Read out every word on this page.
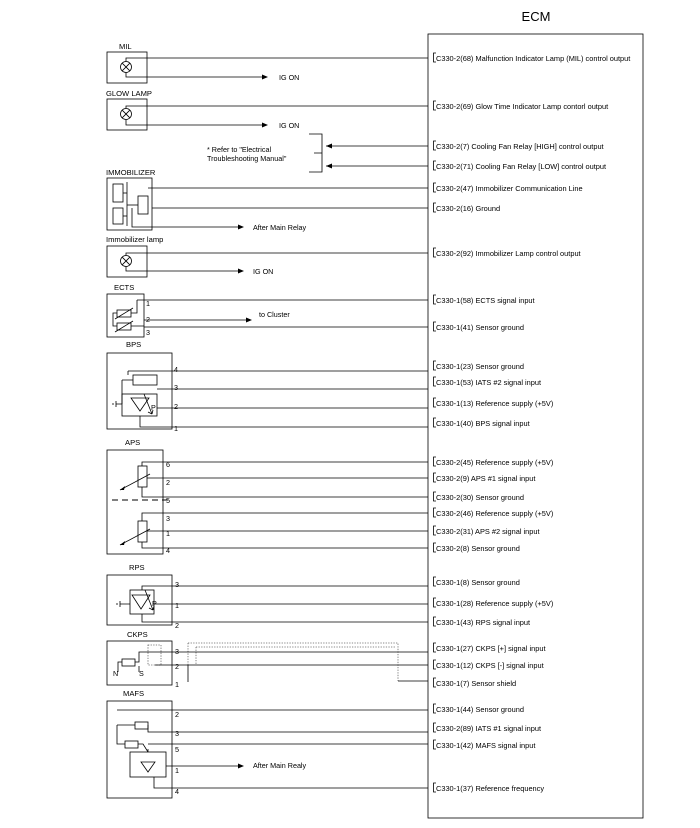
ECM
C330-2(68) Malfunction Indicator Lamp (MIL) control output
C330-2(69) Glow Time Indicator Lamp contorl output
C330-2(7) Cooling Fan Relay [HIGH] control output
C330-2(71) Cooling Fan Relay [LOW] control output
C330-2(47) Immobilizer Communication Line
C330-2(16) Ground
C330-2(92) Immobilizer Lamp control output
C330-1(58) ECTS signal input
C330-1(41) Sensor ground
C330-1(23) Sensor ground
C330-1(53) IATS #2 signal input
C330-1(13) Reference supply (+5V)
C330-1(40) BPS signal input
C330-2(45) Reference supply (+5V)
C330-2(9) APS #1 signal input
C330-2(30) Sensor ground
C330-2(46) Reference supply (+5V)
C330-2(31) APS #2 signal input
C330-2(8) Sensor ground
C330-1(8) Sensor ground
C330-1(28) Reference supply (+5V)
C330-1(43) RPS signal input
C330-1(27) CKPS [+] signal input
C330-1(12) CKPS [-] signal input
C330-1(7) Sensor shield
C330-1(44) Sensor ground
C330-2(89) IATS #1 signal input
C330-1(42) MAFS signal input
C330-1(37) Reference frequency
MIL
IG ON
GLOW LAMP
IG ON
* Refer to "Electrical
Troubleshooting Manual"
IMMOBILIZER
After Main Relay
Immobilizer lamp
IG ON
ECTS
to Cluster
1
2
3
BPS
P
4
3
2
1
APS
6
2
5
3
1
4
RPS
P
3
1
2
CKPS
N	S
3
2
1
MAFS
After Main Realy
2
3
5
1
4
